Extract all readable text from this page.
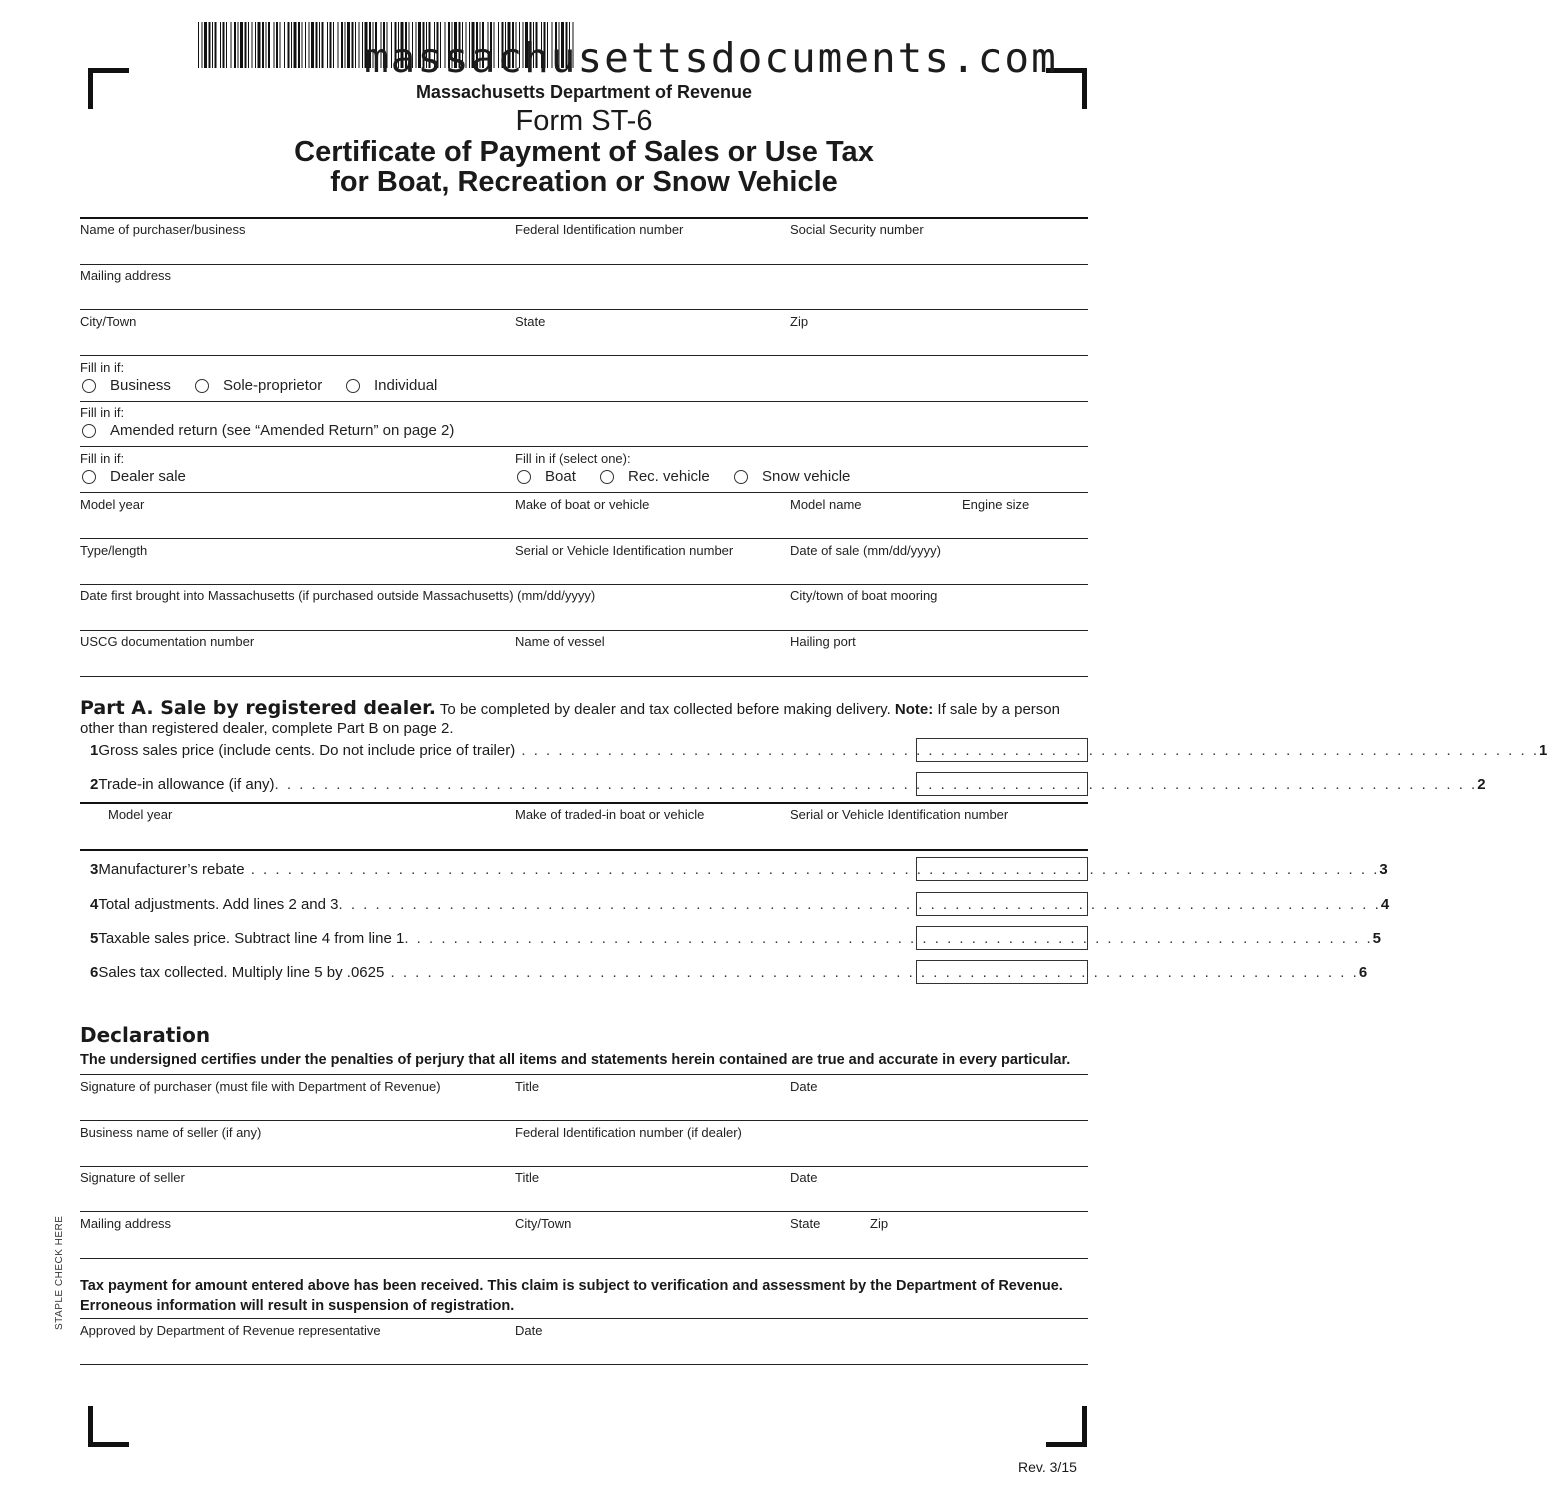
massachusettsdocuments.com
Massachusetts Department of Revenue
Form ST-6
Certificate of Payment of Sales or Use Tax
for Boat, Recreation or Snow Vehicle
Name of purchaser/business	Federal Identification number	Social Security number
Mailing address
City/Town	State	Zip
Fill in if:
Business	Sole-proprietor	Individual
Fill in if:
Amended return (see “Amended Return” on page 2)
Fill in if:
Dealer sale
Fill in if (select one):
Boat	Rec. vehicle	Snow vehicle
Model year	Make of boat or vehicle	Model name	Engine size
Type/length	Serial or Vehicle Identification number	Date of sale (mm/dd/yyyy)
Date first brought into Massachusetts (if purchased outside Massachusetts) (mm/dd/yyyy)	City/town of boat mooring
USCG documentation number	Name of vessel	Hailing port
Part A. Sale by registered dealer. To be completed by dealer and tax collected before making delivery. Note: If sale by a person
other than registered dealer, complete Part B on page 2.
1 Gross sales price (include cents. Do not include price of trailer) . . . . . . . . . . . . . . . . . . . . . . . . . . . . . . . . . . . . . . . . . . . . . . . . . . . . . . . . . . . . . . . . . . . . . . . . . . . . . . . . . . . 1
2 Trade-in allowance (if any) . . . . . . . . . . . . . . . . . . . . . . . . . . . . . . . . . . . . . . . . . . . . . . . . . . . . . . . . . . . . . . . . . . . . . . . . . . . . . . . . . . . . . . . . . . . . . . . . . . 2
Model year	Make of traded-in boat or vehicle	Serial or Vehicle Identification number
3 Manufacturer’s rebate . . . . . . . . . . . . . . . . . . . . . . . . . . . . . . . . . . . . . . . . . . . . . . . . . . . . . . . . . . . . . . . . . . . . . . . . . . . . . . . . . . . . . . . . . . . . 3
4 Total adjustments. Add lines 2 and 3 . . . . . . . . . . . . . . . . . . . . . . . . . . . . . . . . . . . . . . . . . . . . . . . . . . . . . . . . . . . . . . . . . . . . . . . . . . . . . . . . . . . . . 4
5 Taxable sales price. Subtract line 4 from line 1 . . . . . . . . . . . . . . . . . . . . . . . . . . . . . . . . . . . . . . . . . . . . . . . . . . . . . . . . . . . . . . . . . . . . . . . . . . . . . . . 5
6 Sales tax collected. Multiply line 5 by .0625 . . . . . . . . . . . . . . . . . . . . . . . . . . . . . . . . . . . . . . . . . . . . . . . . . . . . . . . . . . . . . . . . . . . . . . . . . . . . . . . 6
Declaration
The undersigned certifies under the penalties of perjury that all items and statements herein contained are true and accurate in every particular.
Signature of purchaser (must file with Department of Revenue)	Title	Date
Business name of seller (if any)	Federal Identification number (if dealer)
Signature of seller	Title	Date
Mailing address	City/Town	State	Zip
Tax payment for amount entered above has been received. This claim is subject to verification and assessment by the Department of Revenue.
Erroneous information will result in suspension of registration.
Approved by Department of Revenue representative	Date
STAPLE CHECK HERE
Rev. 3/15
